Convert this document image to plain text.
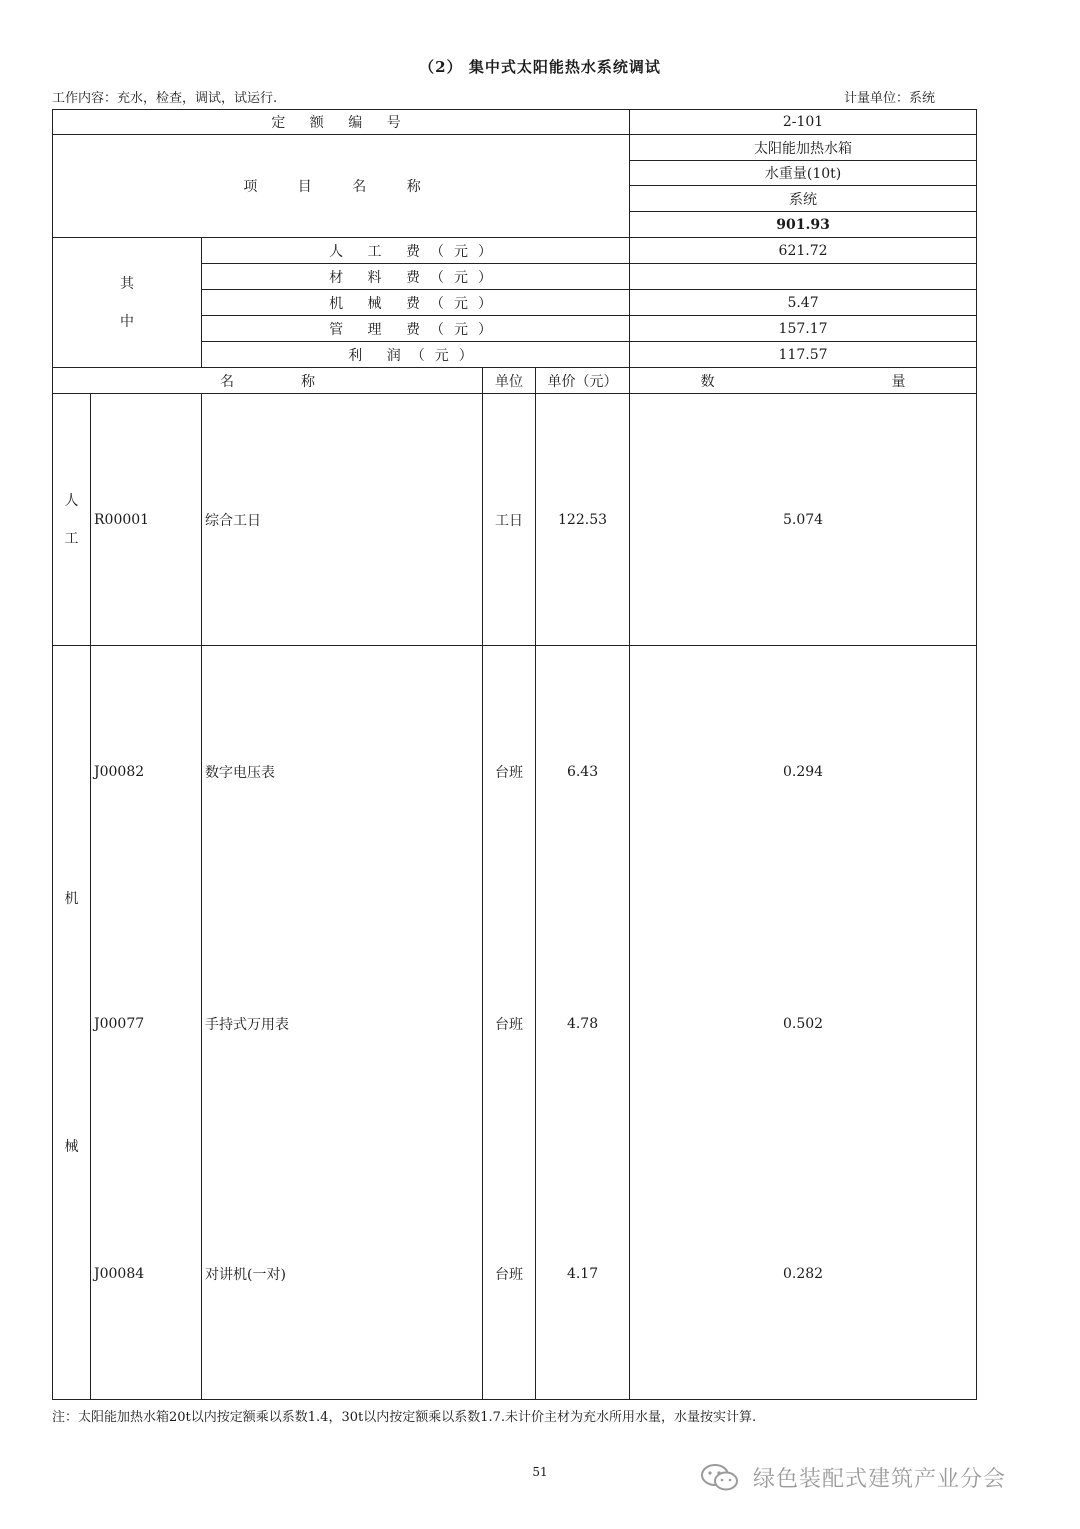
（2） 集中式太阳能热水系统调试
工作内容：充水，检查，调试，试运行.	计量单位：系统
定 额 编 号					2-101
项 目 名 称					太阳能加热水箱
					水重量(10t)
					系统
					901.93
其
中		人 工 费（元）			621.72
		材 料 费（元）			
		机 械 费（元）			5.47
		管 理 费（元）			157.17
		利 润（元）			117.57
名 称			单位	单价（元）	数 量
人
工	R00001	综合工日	工日	122.53	5.074
机
械	J00082	数字电压表	台班	6.43	0.294
	J00077	手持式万用表	台班	4.78	0.502
	J00084	对讲机(一对)	台班	4.17	0.282
注：太阳能加热水箱20t以内按定额乘以系数1.4，30t以内按定额乘以系数1.7.未计价主材为充水所用水量，水量按实计算.
51	绿色装配式建筑产业分会
